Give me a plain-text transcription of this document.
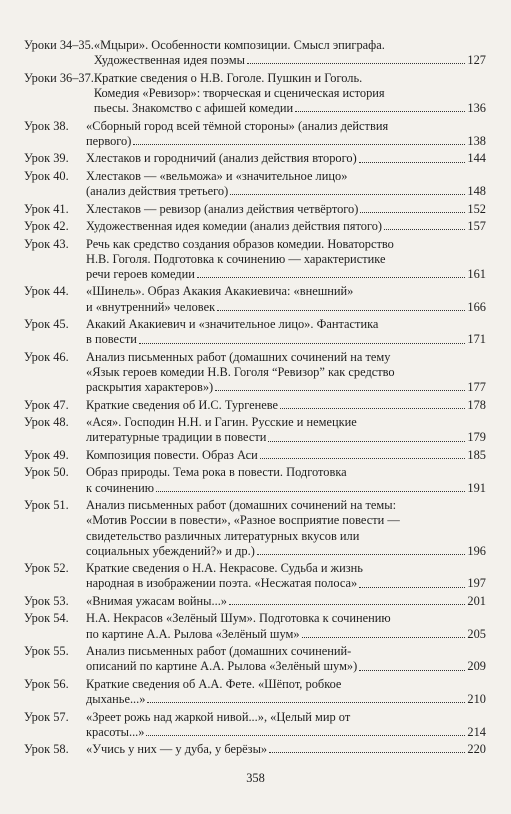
Уроки 34–35. «Мцыри». Особенности композиции. Смысл эпиграфа.
Художественная идея поэмы	127
Уроки 36–37. Краткие сведения о Н.В. Гоголе. Пушкин и Гоголь.
Комедия «Ревизор»: творческая и сценическая история
пьесы. Знакомство с афишей комедии	136
Урок 38.	«Сборный город всей тёмной стороны» (анализ действия
первого)	138
Урок 39.	Хлестаков и городничий (анализ действия второго)	144
Урок 40.	Хлестаков — «вельможа» и «значительное лицо»
(анализ действия третьего)	148
Урок 41.	Хлестаков — ревизор (анализ действия четвёртого)	152
Урок 42.	Художественная идея комедии (анализ действия пятого)	157
Урок 43.	Речь как средство создания образов комедии. Новаторство
Н.В. Гоголя. Подготовка к сочинению — характеристике
речи героев комедии	161
Урок 44.	«Шинель». Образ Акакия Акакиевича: «внешний»
и «внутренний» человек	166
Урок 45.	Акакий Акакиевич и «значительное лицо». Фантастика
в повести	171
Урок 46.	Анализ письменных работ (домашних сочинений на тему
«Язык героев комедии Н.В. Гоголя “Ревизор” как средство
раскрытия характеров»)	177
Урок 47.	Краткие сведения об И.С. Тургеневе	178
Урок 48.	«Ася». Господин Н.Н. и Гагин. Русские и немецкие
литературные традиции в повести	179
Урок 49.	Композиция повести. Образ Аси	185
Урок 50.	Образ природы. Тема рока в повести. Подготовка
к сочинению	191
Урок 51.	Анализ письменных работ (домашних сочинений на темы:
«Мотив России в повести», «Разное восприятие повести —
свидетельство различных литературных вкусов или
социальных убеждений?» и др.)	196
Урок 52.	Краткие сведения о Н.А. Некрасове. Судьба и жизнь
народная в изображении поэта. «Несжатая полоса»	197
Урок 53.	«Внимая ужасам войны...»	201
Урок 54.	Н.А. Некрасов «Зелёный Шум». Подготовка к сочинению
по картине А.А. Рылова «Зелёный шум»	205
Урок 55.	Анализ письменных работ (домашних сочинений-
описаний по картине А.А. Рылова «Зелёный шум»)	209
Урок 56.	Краткие сведения об А.А. Фете. «Шёпот, робкое
дыханье...»	210
Урок 57.	«Зреет рожь над жаркой нивой...», «Целый мир от
красоты...»	214
Урок 58.	«Учись у них — у дуба, у берёзы»	220
358
